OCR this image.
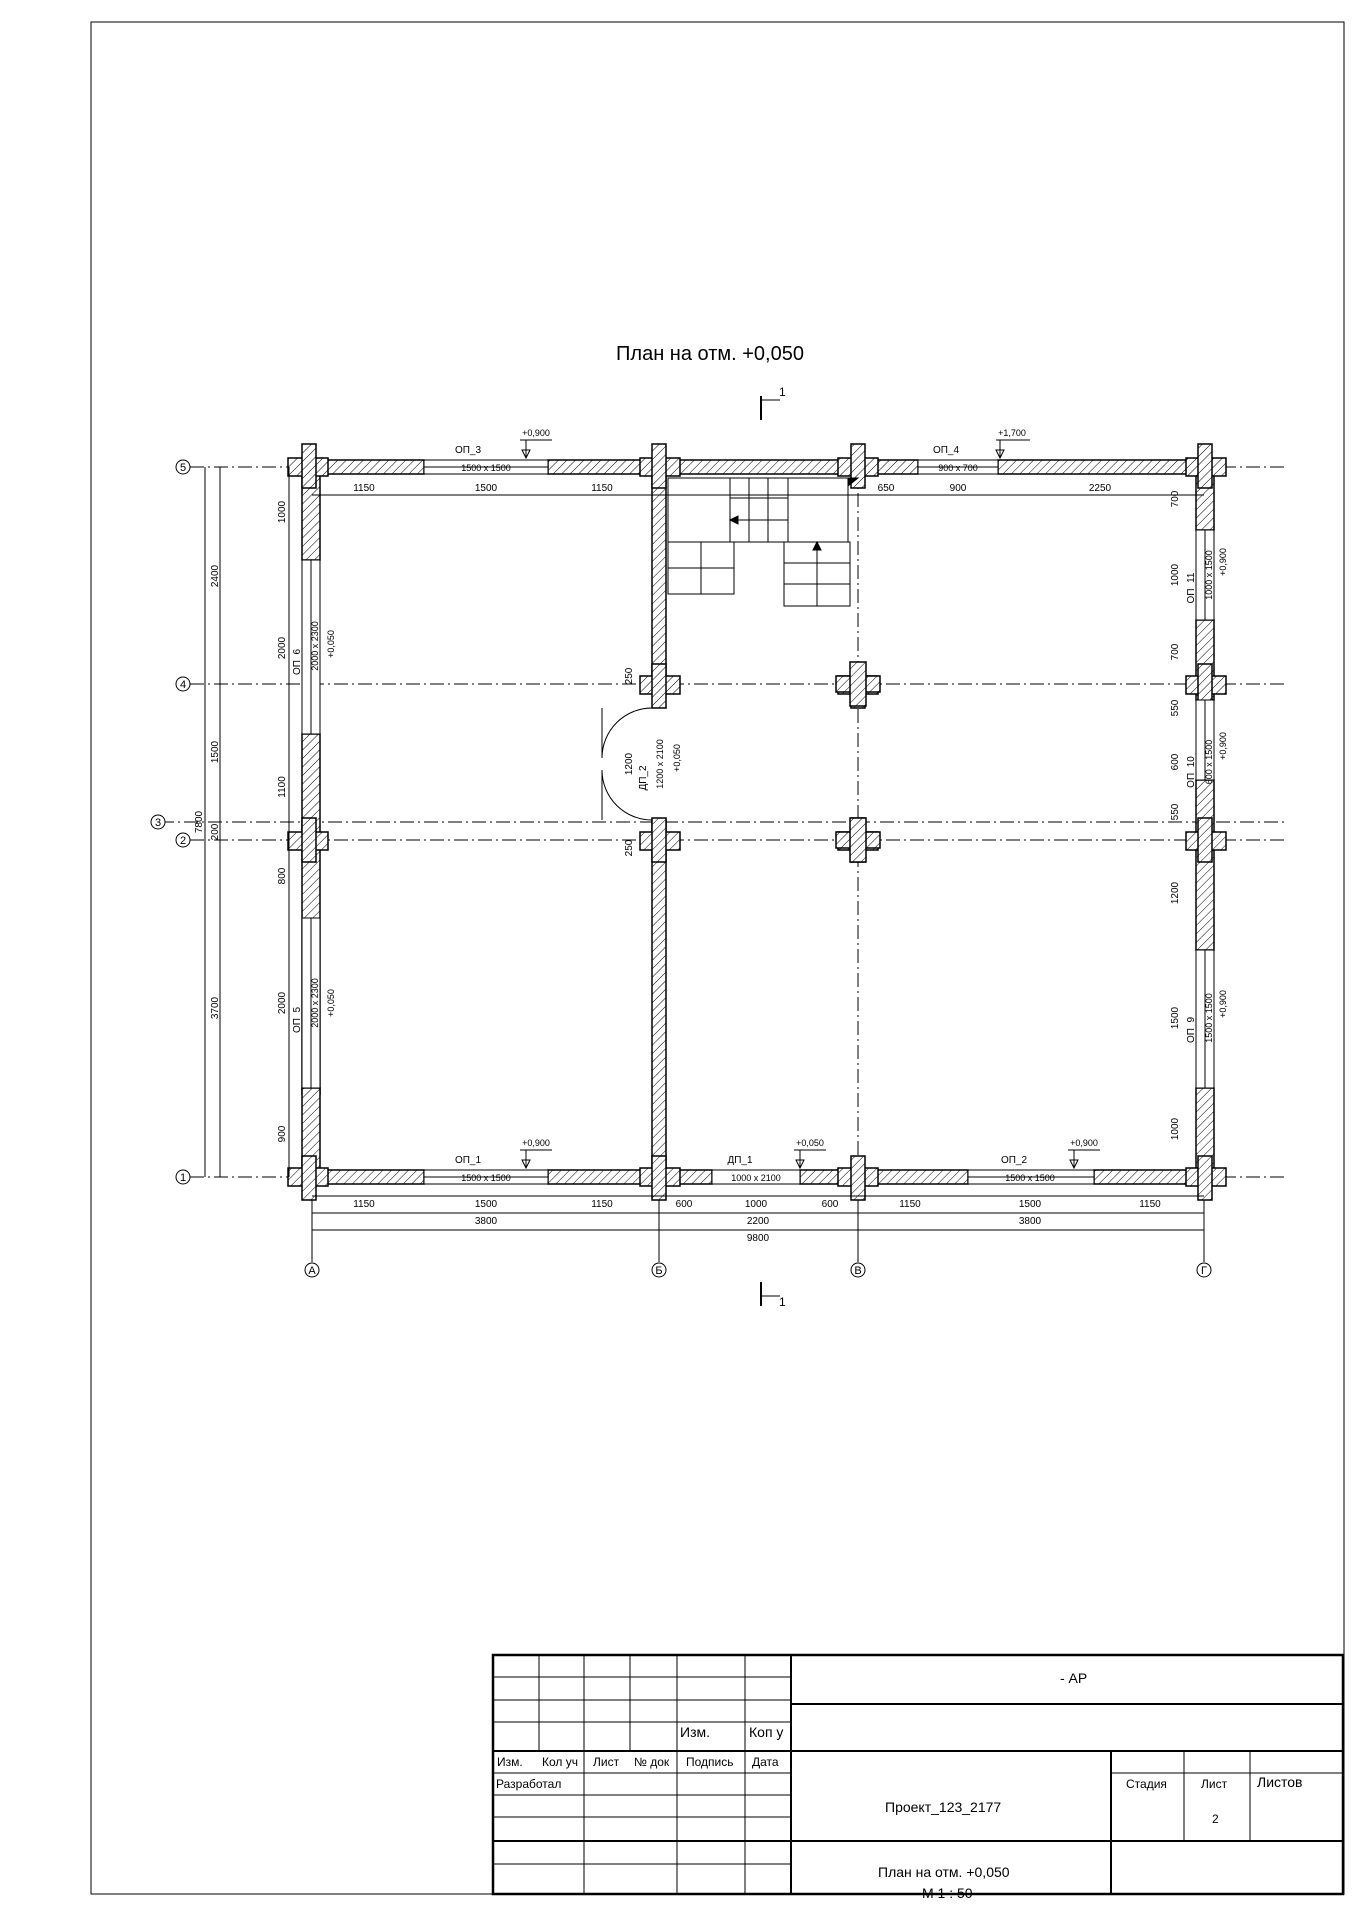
План на отм. +0,050
1
1
5
4
3
2
1
А	Б	В	Г
1150	1500	1150	650	900	2250
1150	1500	1150	600	1000	600	1150	1500	1150
3800	2200	3800
9800
2400
1500
200
3700
7800
1000
2000
1100
800
2000
900
700
1000
700
550
600
550
1200
1500
1000
250
1200
250
ОП_3
1500 x 1500
+0,900
ОП_4
900 x 700
+1,700
ОП_1
1500 x 1500
+0,900
ДП_1
1000 x 2100
+0,050
ОП_2
1500 x 1500
+0,900
ОП_6 2000 x 2300 +0,050
ОП_5 2000 x 2300 +0,050
ДП_2 1200 x 2100 +0,050
ОП_11 1000 x 1500 +0,900
ОП_10 600 x 1500 +0,900
ОП_9 1500 x 1500 +0,900
- АР
Изм.	Коп у
Изм. Кол уч Лист № док Подпись Дата
Разработал
Проект_123_2177
Стадия	Лист Листов
2
План на отм. +0,050
М 1 : 50
